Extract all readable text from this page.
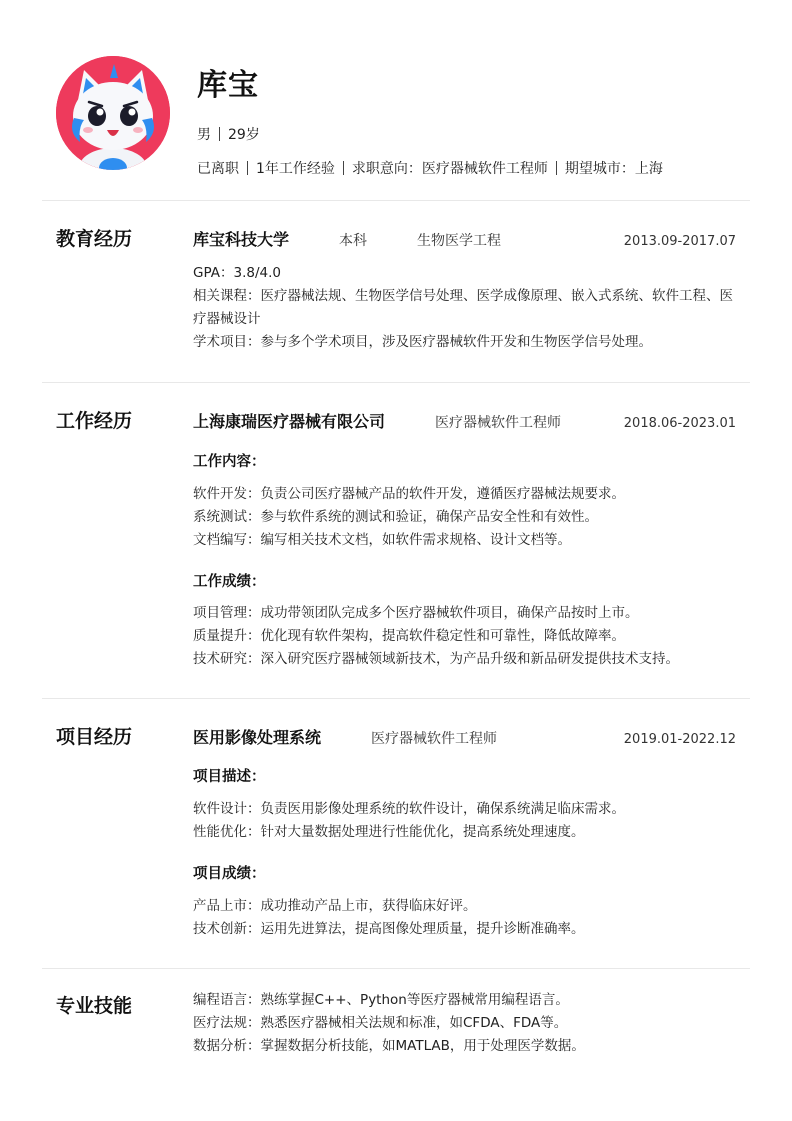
库宝
男 29岁
已离职 1年工作经验 求职意向：医疗器械软件工程师 期望城市：上海
教育经历	库宝科技大学	本科	生物医学工程	2013.09-2017.07
GPA：3.8/4.0
相关课程：医疗器械法规、生物医学信号处理、医学成像原理、嵌入式系统、软件工程、医疗器械设计
学术项目：参与多个学术项目，涉及医疗器械软件开发和生物医学信号处理。
工作经历	上海康瑞医疗器械有限公司	医疗器械软件工程师	2018.06-2023.01
工作内容：
软件开发：负责公司医疗器械产品的软件开发，遵循医疗器械法规要求。
系统测试：参与软件系统的测试和验证，确保产品安全性和有效性。
文档编写：编写相关技术文档，如软件需求规格、设计文档等。
工作成绩：
项目管理：成功带领团队完成多个医疗器械软件项目，确保产品按时上市。
质量提升：优化现有软件架构，提高软件稳定性和可靠性，降低故障率。
技术研究：深入研究医疗器械领域新技术，为产品升级和新品研发提供技术支持。
项目经历	医用影像处理系统	医疗器械软件工程师	2019.01-2022.12
项目描述：
软件设计：负责医用影像处理系统的软件设计，确保系统满足临床需求。
性能优化：针对大量数据处理进行性能优化，提高系统处理速度。
项目成绩：
产品上市：成功推动产品上市，获得临床好评。
技术创新：运用先进算法，提高图像处理质量，提升诊断准确率。
专业技能	编程语言：熟练掌握C++、Python等医疗器械常用编程语言。
医疗法规：熟悉医疗器械相关法规和标准，如CFDA、FDA等。
数据分析：掌握数据分析技能，如MATLAB，用于处理医学数据。
